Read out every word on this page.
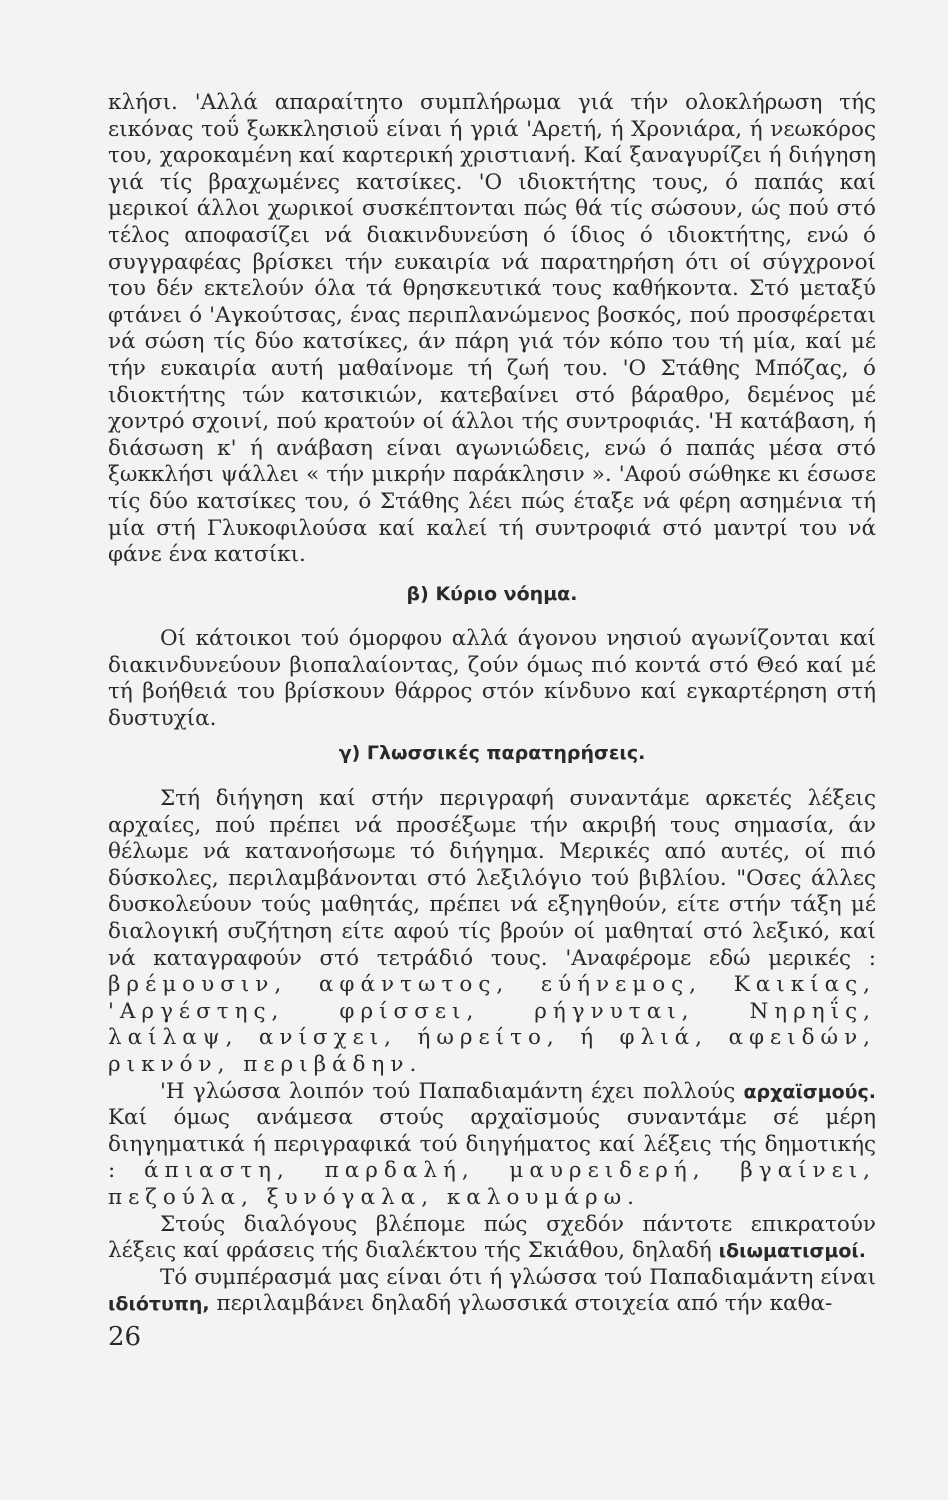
κλήσι. 'Αλλά απαραίτητο συμπλήρωμα γιά τήν ολοκλήρωση τής εικόνας τοΰ ξωκκλησιοΰ είναι ή γριά 'Αρετή, ή Χρονιάρα, ή νεωκόρος του, χαροκαμένη καί καρτερική χριστιανή. Καί ξαναγυρίζει ή διήγηση γιά τίς βραχωμένες κατσίκες. 'Ο ιδιοκτήτης τους, ό παπάς καί μερικοί άλλοι χωρικοί συσκέπτονται πώς θά τίς σώσουν, ώς πού στό τέλος αποφασίζει νά διακινδυνεύση ό ίδιος ό ιδιοκτήτης, ενώ ό συγγραφέας βρίσκει τήν ευκαιρία νά παρατηρήση ότι οί σύγχρονοί του δέν εκτελούν όλα τά θρησκευτικά τους καθήκοντα. Στό μεταξύ φτάνει ό 'Αγκούτσας, ένας περιπλανώμενος βοσκός, πού προσφέρεται νά σώση τίς δύο κατσίκες, άν πάρη γιά τόν κόπο του τή μία, καί μέ τήν ευκαιρία αυτή μαθαίνομε τή ζωή του. 'Ο Στάθης Μπόζας, ό ιδιοκτήτης τών κατσικιών, κατεβαίνει στό βάραθρο, δεμένος μέ χοντρό σχοινί, πού κρατούν οί άλλοι τής συντροφιάς. 'Η κατάβαση, ή διάσωση κ' ή ανάβαση είναι αγωνιώδεις, ενώ ό παπάς μέσα στό ξωκκλήσι ψάλλει « τήν μικρήν παράκλησιν ». 'Αφού σώθηκε κι έσωσε τίς δύο κατσίκες του, ό Στάθης λέει πώς έταξε νά φέρη ασημένια τή μία στή Γλυκοφιλούσα καί καλεί τή συντροφιά στό μαντρί του νά φάνε ένα κατσίκι.

β) Κύριο νόημα.

Οί κάτοικοι τού όμορφου αλλά άγονου νησιού αγωνίζονται καί διακινδυνεύουν βιοπαλαίοντας, ζούν όμως πιό κοντά στό Θεό καί μέ τή βοήθειά του βρίσκουν θάρρος στόν κίνδυνο καί εγκαρτέρηση στή δυστυχία.

γ) Γλωσσικές παρατηρήσεις.

Στή διήγηση καί στήν περιγραφή συναντάμε αρκετές λέξεις αρχαίες, πού πρέπει νά προσέξωμε τήν ακριβή τους σημασία, άν θέλωμε νά κατανοήσωμε τό διήγημα. Μερικές από αυτές, οί πιό δύσκολες, περιλαμβάνονται στό λεξιλόγιο τού βιβλίου. "Οσες άλλες δυσκολεύουν τούς μαθητάς, πρέπει νά εξηγηθούν, είτε στήν τάξη μέ διαλογική συζήτηση είτε αφού τίς βρούν οί μαθηταί στό λεξικό, καί νά καταγραφούν στό τετράδιό τους. 'Αναφέρομε εδώ μερικές : βρέμουσιν, αφάντωτος, εύήνεμος, Καικίας, 'Αργέστης, φρίσσει, ρήγνυται, Νηρηΐς, λαίλαψ, ανίσχει, ήωρείτο, ή φλιά, αφειδών, ρικνόν, περιβάδην.

'Η γλώσσα λοιπόν τού Παπαδιαμάντη έχει πολλούς αρχαϊσμούς. Καί όμως ανάμεσα στούς αρχαϊσμούς συναντάμε σέ μέρη διηγηματικά ή περιγραφικά τού διηγήματος καί λέξεις τής δημοτικής : άπιαστη, παρδαλή, μαυρειδερή, βγαίνει, πεζούλα, ξυνόγαλα, καλουμάρω.

Στούς διαλόγους βλέπομε πώς σχεδόν πάντοτε επικρατούν λέξεις καί φράσεις τής διαλέκτου τής Σκιάθου, δηλαδή ιδιωματισμοί.

Τό συμπέρασμά μας είναι ότι ή γλώσσα τού Παπαδιαμάντη είναι ιδιότυπη, περιλαμβάνει δηλαδή γλωσσικά στοιχεία από τήν καθα-

26
